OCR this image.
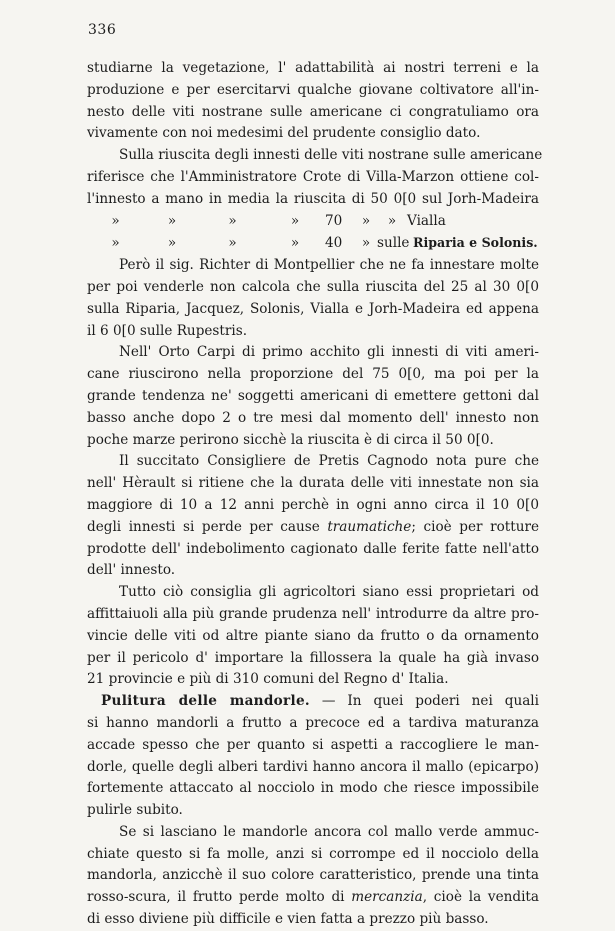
336
studiarne la vegetazione, l' adattabilità ai nostri terreni e la
produzione e per esercitarvi qualche giovane coltivatore all'in-
nesto delle viti nostrane sulle americane ci congratuliamo ora
vivamente con noi medesimi del prudente consiglio dato.
Sulla riuscita degli innesti delle viti nostrane sulle americane
riferisce che l'Amministratore Crote di Villa-Marzon ottiene col-
l'innesto a mano in media la riuscita di 50 0[0 sul Jorh-Madeira
»	»	»	»	70	»	» Vialla
»	»	»	»	40	» sulle Riparia e Solonis.
Però il sig. Richter di Montpellier che ne fa innestare molte
per poi venderle non calcola che sulla riuscita del 25 al 30 0[0
sulla Riparia, Jacquez, Solonis, Vialla e Jorh-Madeira ed appena
il 6 0[0 sulle Rupestris.
Nell' Orto Carpi di primo acchito gli innesti di viti ameri-
cane riuscirono nella proporzione del 75 0[0, ma poi per la
grande tendenza ne' soggetti americani di emettere gettoni dal
basso anche dopo 2 o tre mesi dal momento dell' innesto non
poche marze perirono sicchè la riuscita è di circa il 50 0[0.
Il succitato Consigliere de Pretis Cagnodo nota pure che
nell' Hèrault si ritiene che la durata delle viti innestate non sia
maggiore di 10 a 12 anni perchè in ogni anno circa il 10 0[0
degli innesti si perde per cause traumatiche; cioè per rotture
prodotte dell' indebolimento cagionato dalle ferite fatte nell'atto
dell' innesto.
Tutto ciò consiglia gli agricoltori siano essi proprietari od
affittaiuoli alla più grande prudenza nell' introdurre da altre pro-
vincie delle viti od altre piante siano da frutto o da ornamento
per il pericolo d' importare la fillossera la quale ha già invaso
21 provincie e più di 310 comuni del Regno d' Italia.
Pulitura delle mandorle. — In quei poderi nei quali
si hanno mandorli a frutto a precoce ed a tardiva maturanza
accade spesso che per quanto si aspetti a raccogliere le man-
dorle, quelle degli alberi tardivi hanno ancora il mallo (epicarpo)
fortemente attaccato al nocciolo in modo che riesce impossibile
pulirle subito.
Se si lasciano le mandorle ancora col mallo verde ammuc-
chiate questo si fa molle, anzi si corrompe ed il nocciolo della
mandorla, anzicchè il suo colore caratteristico, prende una tinta
rosso-scura, il frutto perde molto di mercanzia, cioè la vendita
di esso diviene più difficile e vien fatta a prezzo più basso.
